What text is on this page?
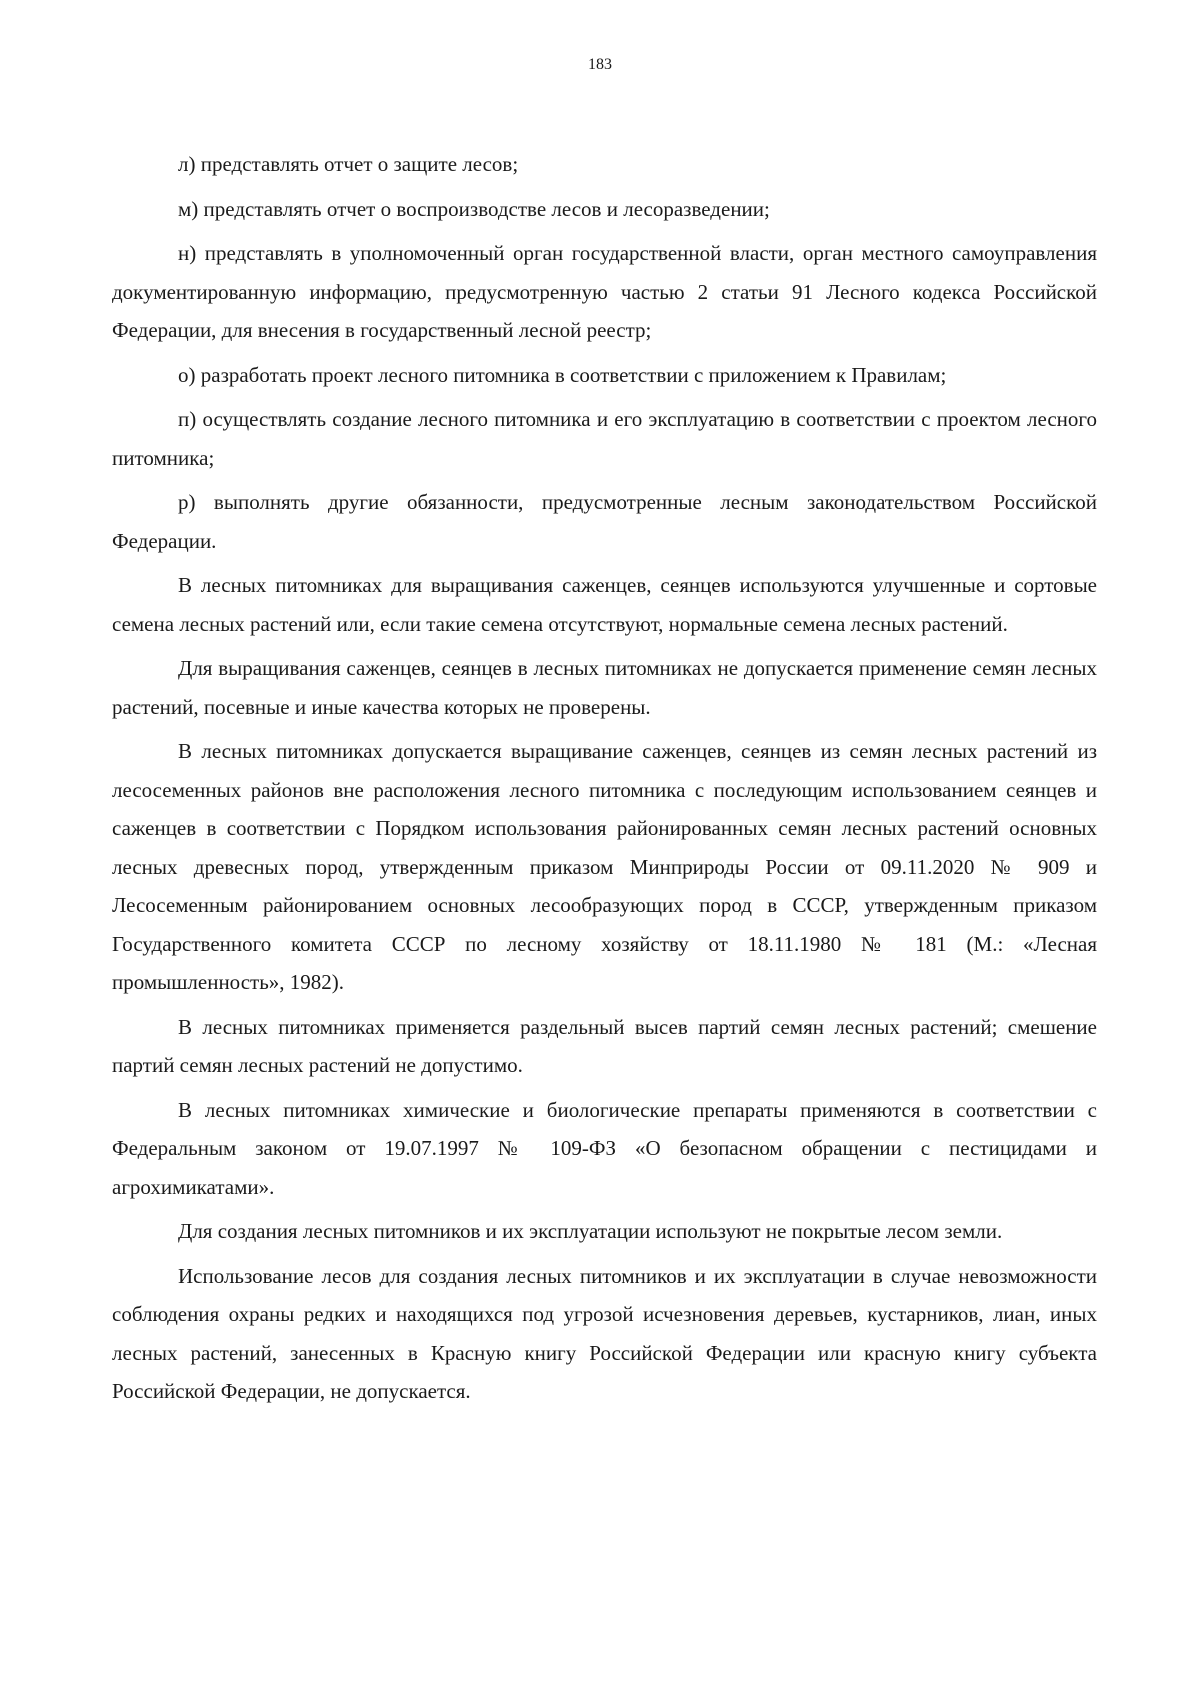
183

л) представлять отчет о защите лесов;

м) представлять отчет о воспроизводстве лесов и лесоразведении;

н) представлять в уполномоченный орган государственной власти, орган местного самоуправления документированную информацию, предусмотренную частью 2 статьи 91 Лесного кодекса Российской Федерации, для внесения в государственный лесной реестр;

о) разработать проект лесного питомника в соответствии с приложением к Правилам;

п) осуществлять создание лесного питомника и его эксплуатацию в соответствии с проектом лесного питомника;

р) выполнять другие обязанности, предусмотренные лесным законодательством Российской Федерации.

В лесных питомниках для выращивания саженцев, сеянцев используются улучшенные и сортовые семена лесных растений или, если такие семена отсутствуют, нормальные семена лесных растений.

Для выращивания саженцев, сеянцев в лесных питомниках не допускается применение семян лесных растений, посевные и иные качества которых не проверены.

В лесных питомниках допускается выращивание саженцев, сеянцев из семян лесных растений из лесосеменных районов вне расположения лесного питомника с последующим использованием сеянцев и саженцев в соответствии с Порядком использования районированных семян лесных растений основных лесных древесных пород, утвержденным приказом Минприроды России от 09.11.2020 № 909 и Лесосеменным районированием основных лесообразующих пород в СССР, утвержденным приказом Государственного комитета СССР по лесному хозяйству от 18.11.1980 № 181 (М.: «Лесная промышленность», 1982).

В лесных питомниках применяется раздельный высев партий семян лесных растений; смешение партий семян лесных растений не допустимо.

В лесных питомниках химические и биологические препараты применяются в соответствии с Федеральным законом от 19.07.1997 № 109-ФЗ «О безопасном обращении с пестицидами и агрохимикатами».

Для создания лесных питомников и их эксплуатации используют не покрытые лесом земли.

Использование лесов для создания лесных питомников и их эксплуатации в случае невозможности соблюдения охраны редких и находящихся под угрозой исчезновения деревьев, кустарников, лиан, иных лесных растений, занесенных в Красную книгу Российской Федерации или красную книгу субъекта Российской Федерации, не допускается.
